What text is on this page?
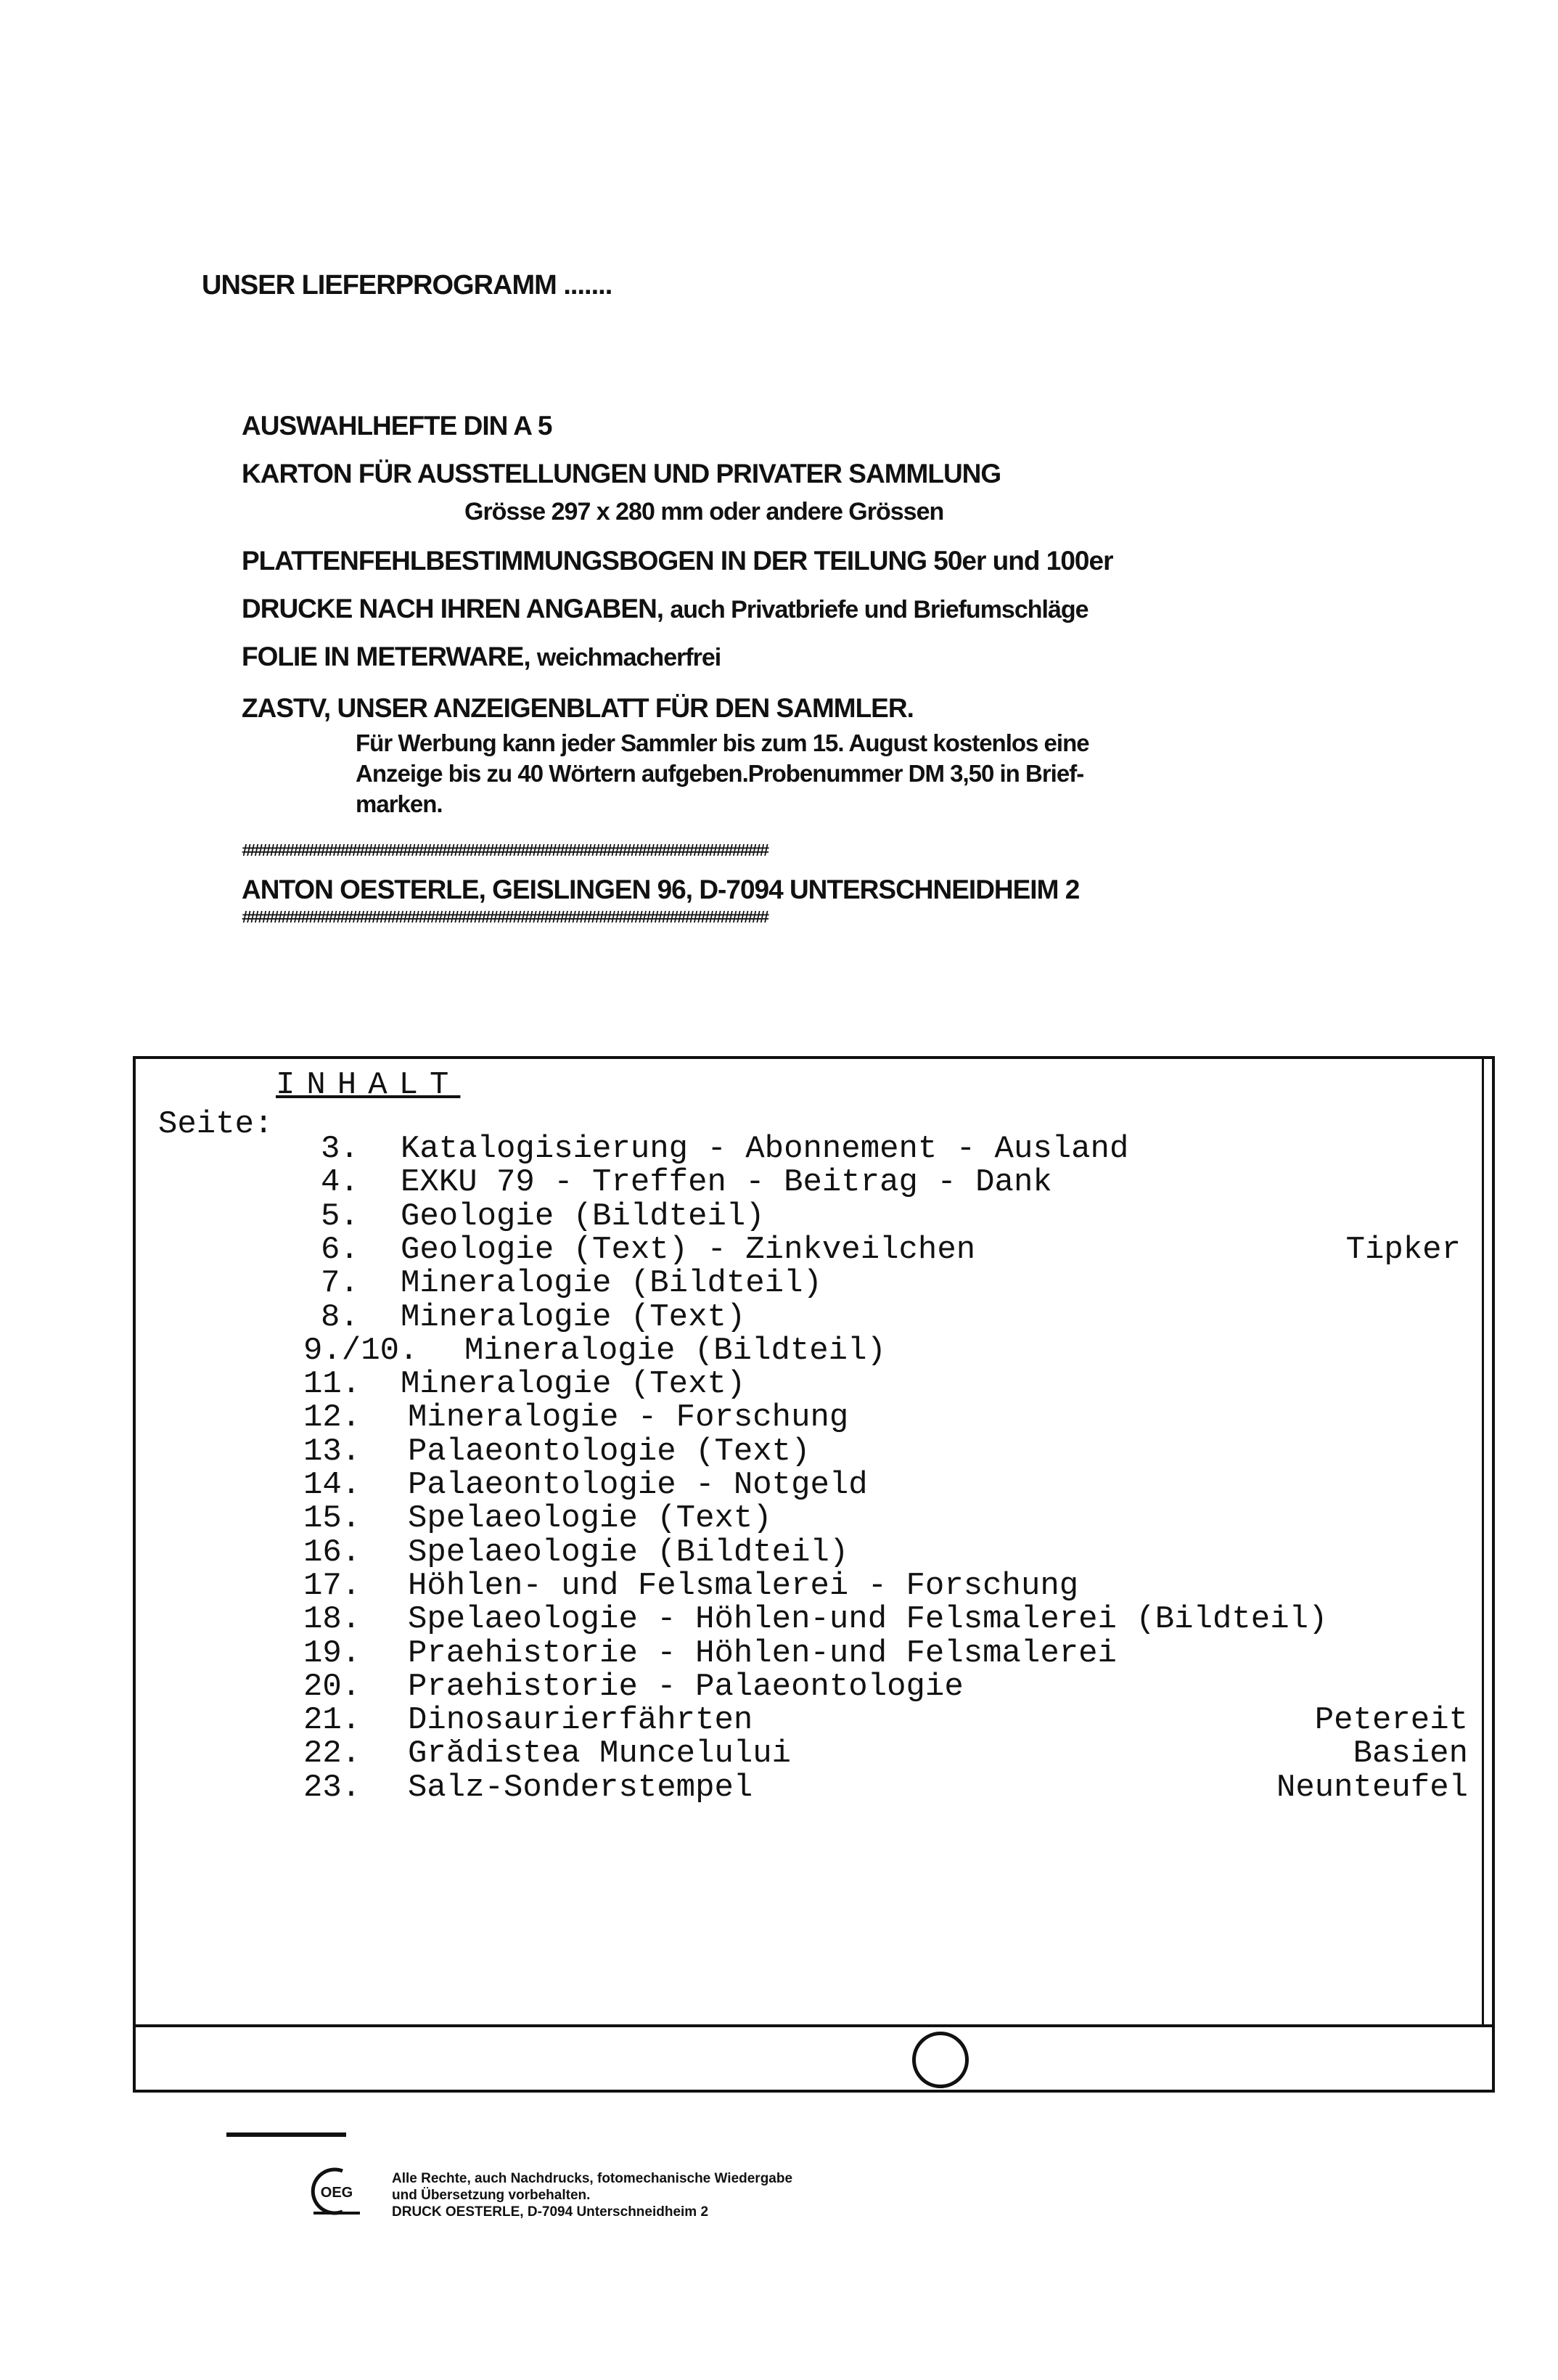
UNSER LIEFERPROGRAMM .......
AUSWAHLHEFTE DIN A 5
KARTON FÜR AUSSTELLUNGEN UND PRIVATER SAMMLUNG
Grösse 297 x 280 mm oder andere Grössen
PLATTENFEHLBESTIMMUNGSBOGEN IN DER TEILUNG 50er und 100er
DRUCKE NACH IHREN ANGABEN, auch Privatbriefe und Briefumschläge
FOLIE IN METERWARE, weichmacherfrei
ZASTV, UNSER ANZEIGENBLATT FÜR DEN SAMMLER.
Für Werbung kann jeder Sammler bis zum 15. August kostenlos eine
Anzeige bis zu 40 Wörtern aufgeben.Probenummer DM 3,50 in Brief-
marken.
###################################################################
ANTON OESTERLE, GEISLINGEN 96, D-7094 UNTERSCHNEIDHEIM 2
###################################################################
INHALT
Seite:
3. Katalogisierung - Abonnement - Ausland
4. EXKU 79 - Treffen - Beitrag - Dank
5. Geologie (Bildteil)
6. Geologie (Text) - Zinkveilchen	Tipker
7. Mineralogie (Bildteil)
8. Mineralogie (Text)
9./10. Mineralogie (Bildteil)
11. Mineralogie (Text)
12. Mineralogie - Forschung
13. Palaeontologie (Text)
14. Palaeontologie - Notgeld
15. Spelaeologie (Text)
16. Spelaeologie (Bildteil)
17. Höhlen- und Felsmalerei - Forschung
18. Spelaeologie - Höhlen-und Felsmalerei (Bildteil)
19. Praehistorie - Höhlen-und Felsmalerei
20. Praehistorie - Palaeontologie
21. Dinosaurierfährten	Petereit
22. Grădistea Muncelului	Basien
23. Salz-Sonderstempel	Neunteufel
OEG
Alle Rechte, auch Nachdrucks, fotomechanische Wiedergabe
und Übersetzung vorbehalten.
DRUCK OESTERLE, D-7094 Unterschneidheim 2
